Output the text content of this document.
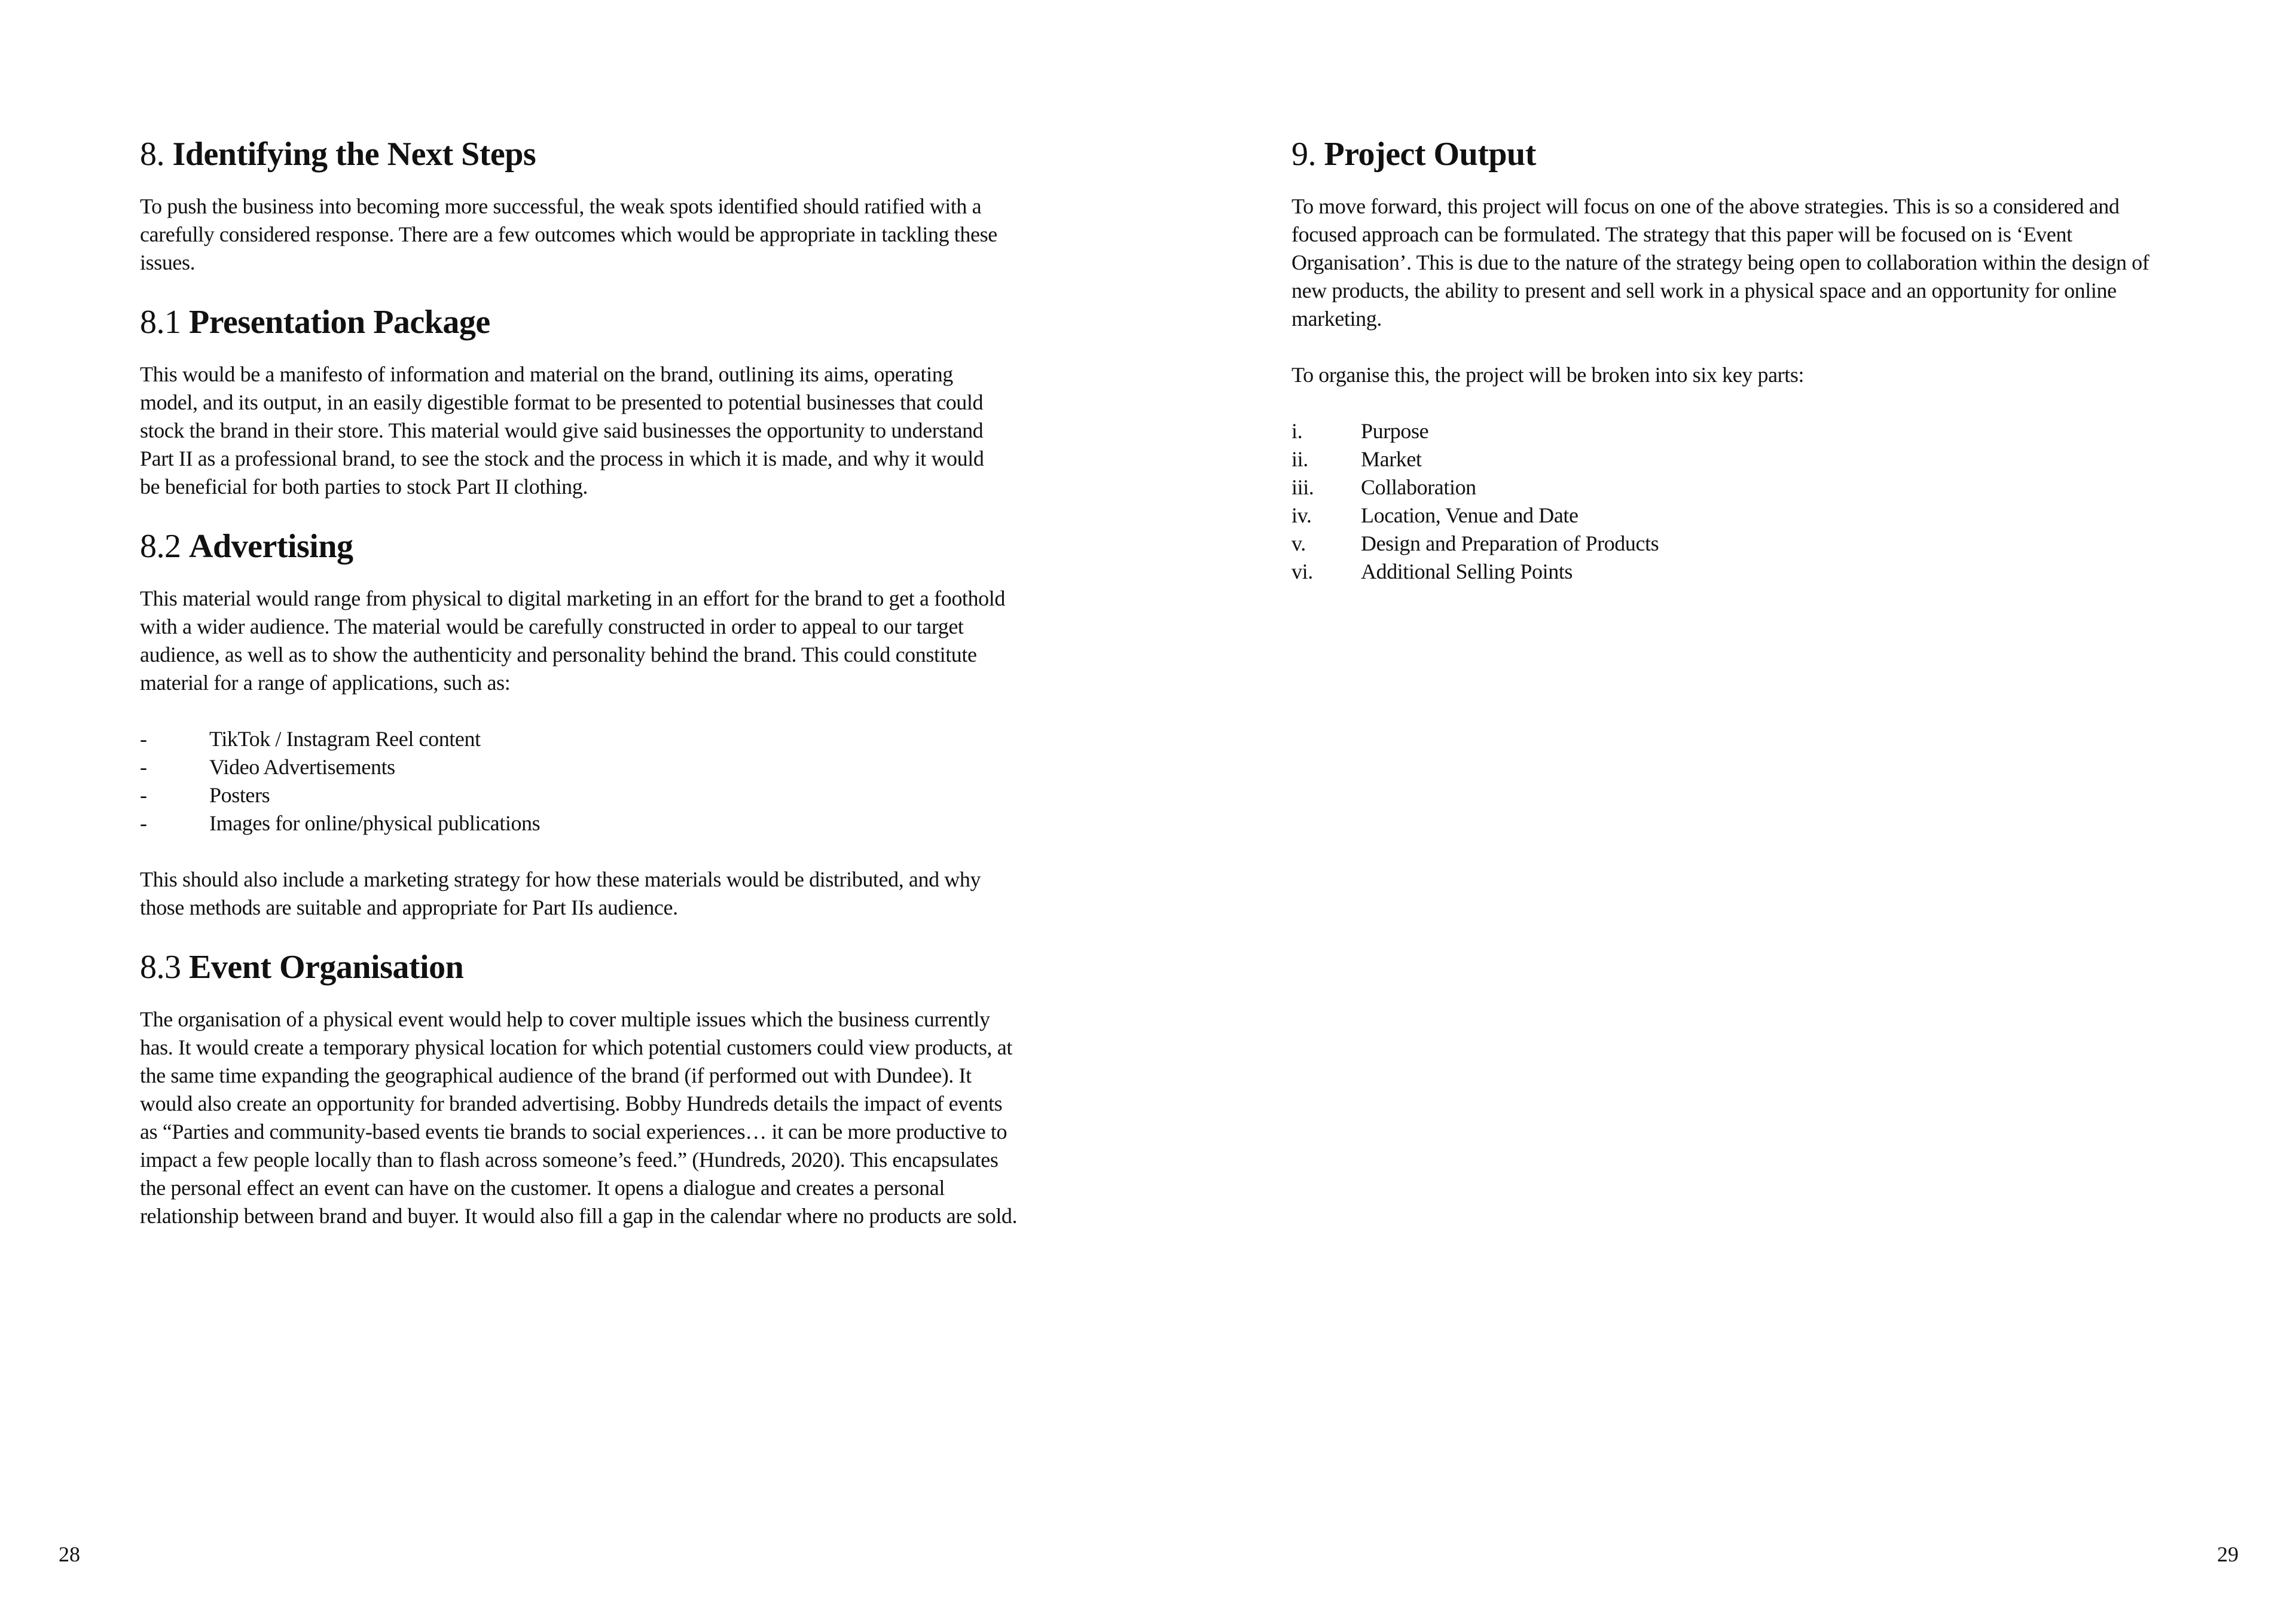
8. Identifying the Next Steps

To push the business into becoming more successful, the weak spots identified should ratified with a carefully considered response. There are a few outcomes which would be appropriate in tackling these issues.

8.1 Presentation Package

This would be a manifesto of information and material on the brand, outlining its aims, operating model, and its output, in an easily digestible format to be presented to potential businesses that could stock the brand in their store. This material would give said businesses the opportunity to understand Part II as a professional brand, to see the stock and the process in which it is made, and why it would be beneficial for both parties to stock Part II clothing.

8.2 Advertising

This material would range from physical to digital marketing in an effort for the brand to get a foothold with a wider audience. The material would be carefully constructed in order to appeal to our target audience, as well as to show the authenticity and personality behind the brand. This could constitute material for a range of applications, such as:

-	TikTok / Instagram Reel content
-	Video Advertisements
-	Posters
-	Images for online/physical publications

This should also include a marketing strategy for how these materials would be distributed, and why those methods are suitable and appropriate for Part IIs audience.

8.3 Event Organisation

The organisation of a physical event would help to cover multiple issues which the business currently has. It would create a temporary physical location for which potential customers could view products, at the same time expanding the geographical audience of the brand (if performed out with Dundee). It would also create an opportunity for branded advertising. Bobby Hundreds details the impact of events as “Parties and community-based events tie brands to social experiences… it can be more productive to impact a few people locally than to flash across someone’s feed.” (Hundreds, 2020). This encapsulates the personal effect an event can have on the customer. It opens a dialogue and creates a personal relationship between brand and buyer. It would also fill a gap in the calendar where no products are sold.

28
9. Project Output

To move forward, this project will focus on one of the above strategies. This is so a considered and focused approach can be formulated. The strategy that this paper will be focused on is ‘Event Organisation’. This is due to the nature of the strategy being open to collaboration within the design of new products, the ability to present and sell work in a physical space and an opportunity for online marketing.

To organise this, the project will be broken into six key parts:

i.	Purpose
ii.	Market
iii.	Collaboration
iv.	Location, Venue and Date
v.	Design and Preparation of Products
vi.	Additional Selling Points
29
